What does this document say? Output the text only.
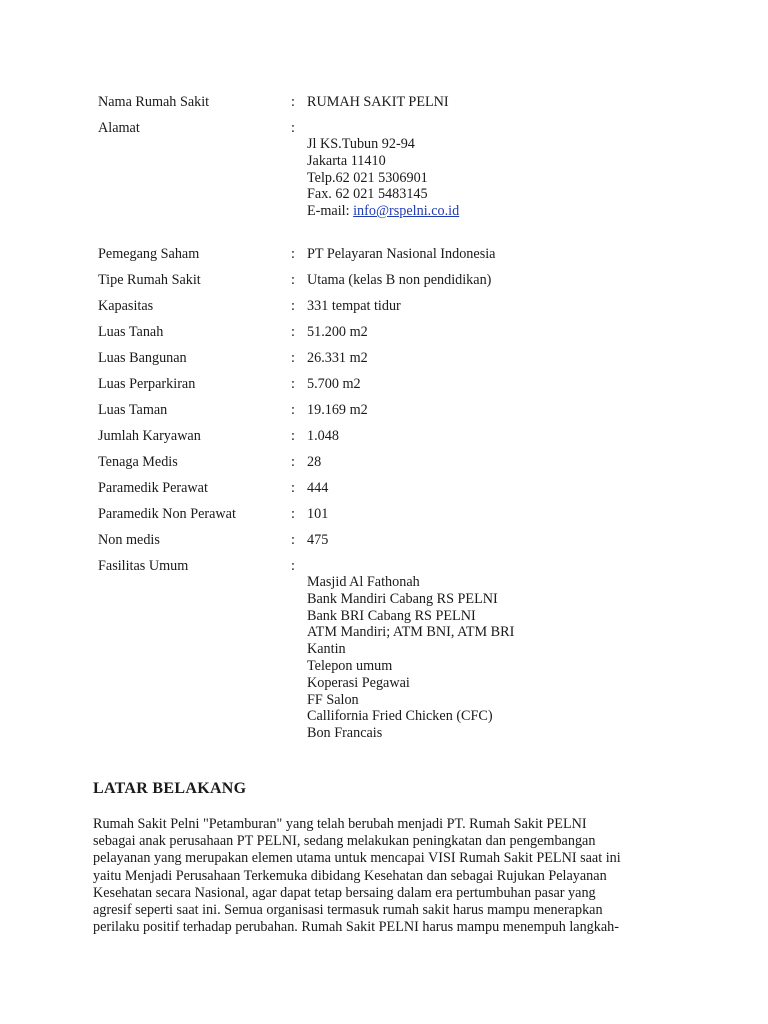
Nama Rumah Sakit	: RUMAH SAKIT PELNI
Alamat	:
Jl KS.Tubun 92-94
Jakarta 11410
Telp.62 021 5306901
Fax. 62 021 5483145
E-mail: info@rspelni.co.id
Pemegang Saham	: PT Pelayaran Nasional Indonesia
Tipe Rumah Sakit	: Utama (kelas B non pendidikan)
Kapasitas	: 331 tempat tidur
Luas Tanah	: 51.200 m2
Luas Bangunan	: 26.331 m2
Luas Perparkiran	: 5.700 m2
Luas Taman	: 19.169 m2
Jumlah Karyawan	: 1.048
Tenaga Medis	: 28
Paramedik Perawat	: 444
Paramedik Non Perawat	: 101
Non medis	: 475
Fasilitas Umum	:
Masjid Al Fathonah
Bank Mandiri Cabang RS PELNI
Bank BRI Cabang RS PELNI
ATM Mandiri; ATM BNI, ATM BRI
Kantin
Telepon umum
Koperasi Pegawai
FF Salon
Callifornia Fried Chicken (CFC)
Bon Francais
LATAR BELAKANG
Rumah Sakit Pelni "Petamburan" yang telah berubah menjadi PT. Rumah Sakit PELNI
sebagai anak perusahaan PT PELNI, sedang melakukan peningkatan dan pengembangan
pelayanan yang merupakan elemen utama untuk mencapai VISI Rumah Sakit PELNI saat ini
yaitu Menjadi Perusahaan Terkemuka dibidang Kesehatan dan sebagai Rujukan Pelayanan
Kesehatan secara Nasional, agar dapat tetap bersaing dalam era pertumbuhan pasar yang
agresif seperti saat ini. Semua organisasi termasuk rumah sakit harus mampu menerapkan
perilaku positif terhadap perubahan. Rumah Sakit PELNI harus mampu menempuh langkah-
